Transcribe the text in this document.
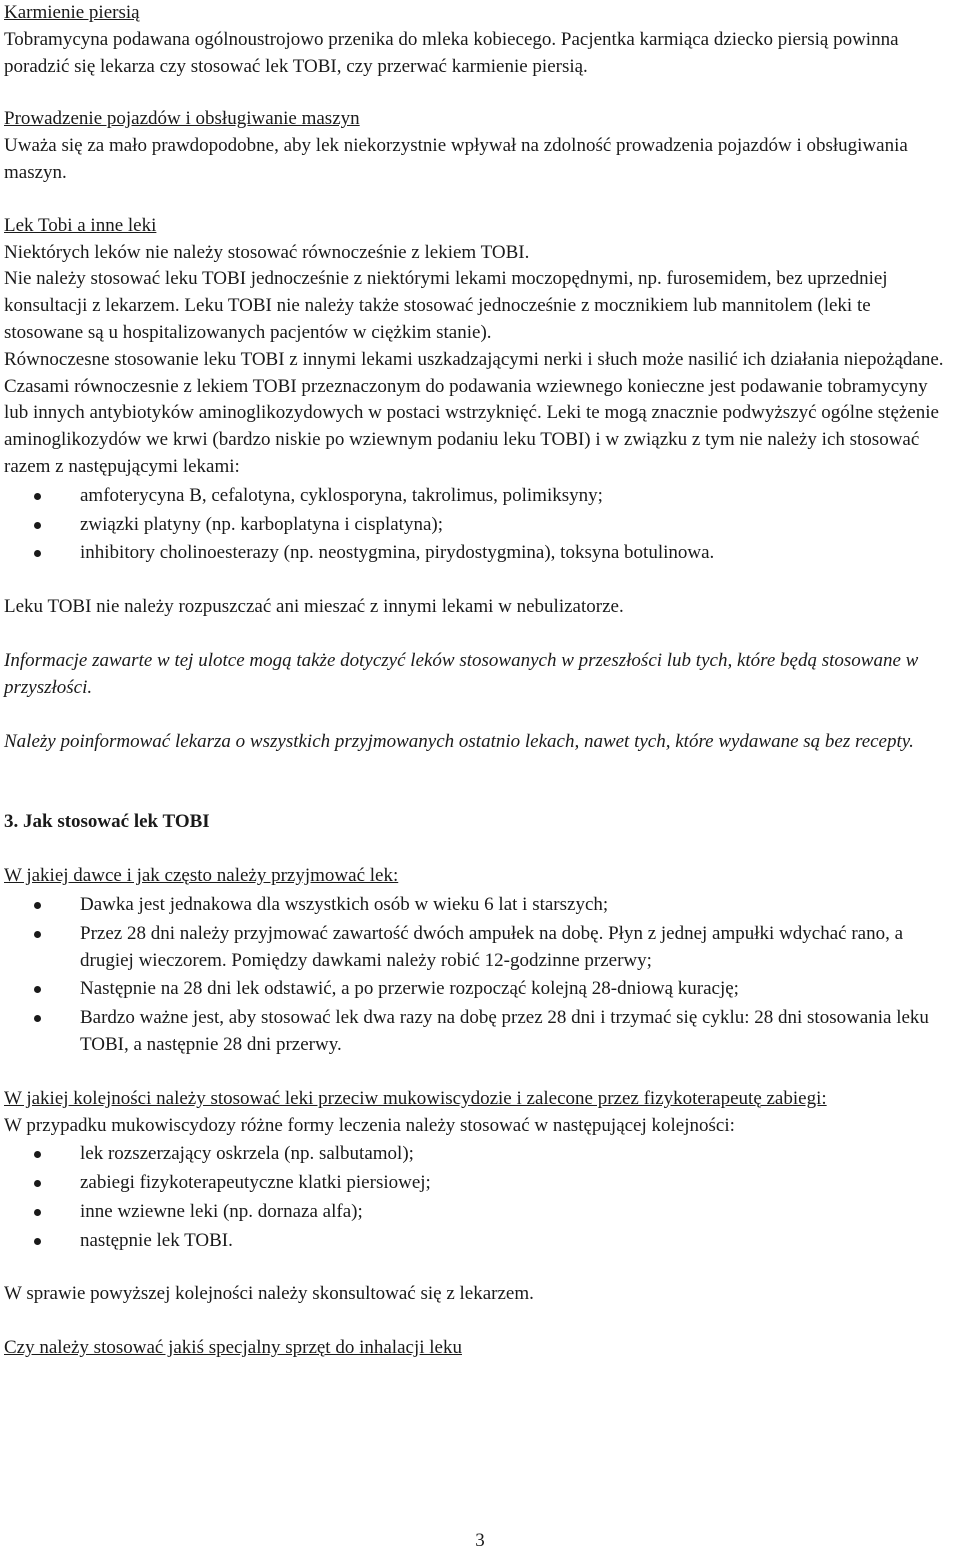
Karmienie piersią

Tobramycyna podawana ogólnoustrojowo przenika do mleka kobiecego. Pacjentka karmiąca dziecko piersią powinna poradzić się lekarza czy stosować lek TOBI, czy przerwać karmienie piersią.

Prowadzenie pojazdów i obsługiwanie maszyn

Uważa się za mało prawdopodobne, aby lek niekorzystnie wpływał na zdolność prowadzenia pojazdów i obsługiwania maszyn.

Lek Tobi a inne leki

Niektórych leków nie należy stosować równocześnie z lekiem TOBI.

Nie należy stosować leku TOBI jednocześnie z niektórymi lekami moczopędnymi, np. furosemidem, bez uprzedniej konsultacji z lekarzem. Leku TOBI nie należy także stosować jednocześnie z mocznikiem lub mannitolem (leki te stosowane są u hospitalizowanych pacjentów w ciężkim stanie).

Równoczesne stosowanie leku TOBI z innymi lekami uszkadzającymi nerki i słuch może nasilić ich działania niepożądane.

Czasami równoczesnie z lekiem TOBI przeznaczonym do podawania wziewnego konieczne jest podawanie tobramycyny lub innych antybiotyków aminoglikozydowych w postaci wstrzyknięć. Leki te mogą znacznie podwyższyć ogólne stężenie aminoglikozydów we krwi (bardzo niskie po wziewnym podaniu leku TOBI) i w związku z tym nie należy ich stosować razem z następującymi lekami:

amfoterycyna B, cefalotyna, cyklosporyna, takrolimus, polimiksyny;
związki platyny (np. karboplatyna i cisplatyna);
inhibitory cholinoesterazy (np. neostygmina, pirydostygmina), toksyna botulinowa.

Leku TOBI nie należy rozpuszczać ani mieszać z innymi lekami w nebulizatorze.

Informacje zawarte w tej ulotce mogą także dotyczyć leków stosowanych w przeszłości lub tych, które będą stosowane w przyszłości.

Należy poinformować lekarza o wszystkich przyjmowanych ostatnio lekach, nawet tych, które wydawane są bez recepty.

3. Jak stosować lek TOBI

W jakiej dawce i jak często należy przyjmować lek:

Dawka jest jednakowa dla wszystkich osób w wieku 6 lat i starszych;
Przez 28 dni należy przyjmować zawartość dwóch ampułek na dobę. Płyn z jednej ampułki wdychać rano, a drugiej wieczorem. Pomiędzy dawkami należy robić 12-godzinne przerwy;
Następnie na 28 dni lek odstawić, a po przerwie rozpocząć kolejną 28-dniową kurację;
Bardzo ważne jest, aby stosować lek dwa razy na dobę przez 28 dni i trzymać się cyklu: 28 dni stosowania leku TOBI, a następnie 28 dni przerwy.

W jakiej kolejności należy stosować leki przeciw mukowiscydozie i zalecone przez fizykoterapeutę zabiegi:

W przypadku mukowiscydozy różne formy leczenia należy stosować w następującej kolejności:

lek rozszerzający oskrzela (np. salbutamol);
zabiegi fizykoterapeutyczne klatki piersiowej;
inne wziewne leki (np. dornaza alfa);
następnie lek TOBI.

W sprawie powyższej kolejności należy skonsultować się z lekarzem.

Czy należy stosować jakiś specjalny sprzęt do inhalacji leku

3
